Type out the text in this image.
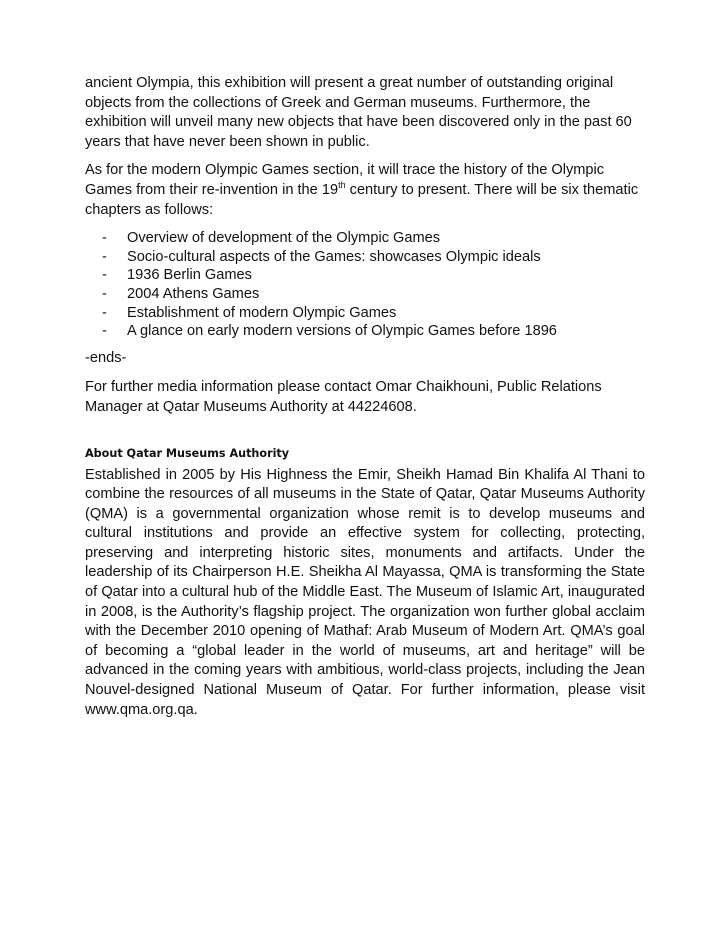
ancient Olympia, this exhibition will present a great number of outstanding original objects from the collections of Greek and German museums. Furthermore, the exhibition will unveil many new objects that have been discovered only in the past 60 years that have never been shown in public.

As for the modern Olympic Games section, it will trace the history of the Olympic Games from their re-invention in the 19th century to present. There will be six thematic chapters as follows:

- Overview of development of the Olympic Games
- Socio-cultural aspects of the Games: showcases Olympic ideals
- 1936 Berlin Games
- 2004 Athens Games
- Establishment of modern Olympic Games
- A glance on early modern versions of Olympic Games before 1896

-ends-

For further media information please contact Omar Chaikhouni, Public Relations Manager at Qatar Museums Authority at 44224608.

About Qatar Museums Authority

Established in 2005 by His Highness the Emir, Sheikh Hamad Bin Khalifa Al Thani to combine the resources of all museums in the State of Qatar, Qatar Museums Authority (QMA) is a governmental organization whose remit is to develop museums and cultural institutions and provide an effective system for collecting, protecting, preserving and interpreting historic sites, monuments and artifacts. Under the leadership of its Chairperson H.E. Sheikha Al Mayassa, QMA is transforming the State of Qatar into a cultural hub of the Middle East. The Museum of Islamic Art, inaugurated in 2008, is the Authority’s flagship project. The organization won further global acclaim with the December 2010 opening of Mathaf: Arab Museum of Modern Art. QMA’s goal of becoming a “global leader in the world of museums, art and heritage” will be advanced in the coming years with ambitious, world-class projects, including the Jean Nouvel-designed National Museum of Qatar. For further information, please visit www.qma.org.qa.
